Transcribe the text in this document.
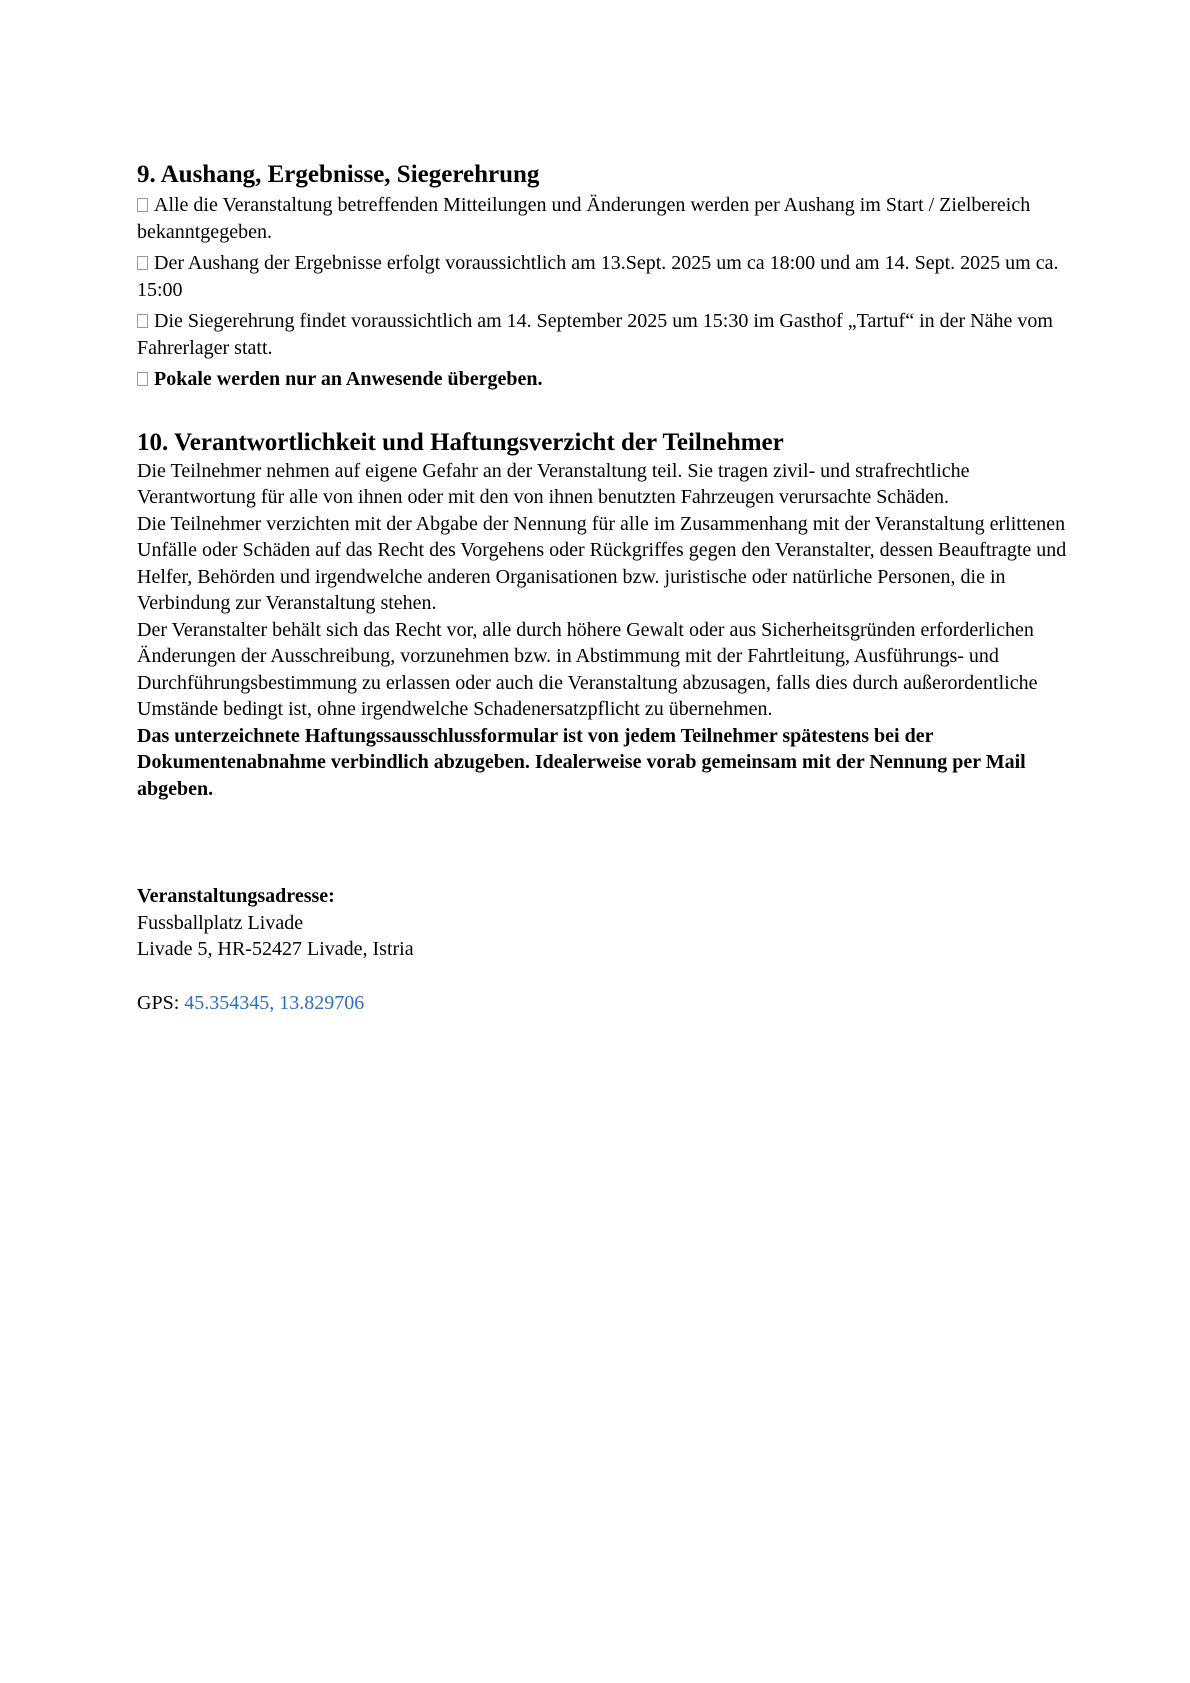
9. Aushang, Ergebnisse, Siegerehrung
Alle die Veranstaltung betreffenden Mitteilungen und Änderungen werden per Aushang im Start / Zielbereich bekanntgegeben.
Der Aushang der Ergebnisse erfolgt voraussichtlich am 13.Sept. 2025 um ca 18:00 und am 14. Sept. 2025 um ca. 15:00
Die Siegerehrung findet voraussichtlich am 14. September 2025 um 15:30 im Gasthof „Tartuf“ in der Nähe vom Fahrerlager statt.
Pokale werden nur an Anwesende übergeben.
10. Verantwortlichkeit und Haftungsverzicht der Teilnehmer

Die Teilnehmer nehmen auf eigene Gefahr an der Veranstaltung teil. Sie tragen zivil- und strafrechtliche Verantwortung für alle von ihnen oder mit den von ihnen benutzten Fahrzeugen verursachte Schäden.

Die Teilnehmer verzichten mit der Abgabe der Nennung für alle im Zusammenhang mit der Veranstaltung erlittenen Unfälle oder Schäden auf das Recht des Vorgehens oder Rückgriffes gegen den Veranstalter, dessen Beauftragte und Helfer, Behörden und irgendwelche anderen Organisationen bzw. juristische oder natürliche Personen, die in Verbindung zur Veranstaltung stehen.

Der Veranstalter behält sich das Recht vor, alle durch höhere Gewalt oder aus Sicherheitsgründen erforderlichen Änderungen der Ausschreibung, vorzunehmen bzw. in Abstimmung mit der Fahrtleitung, Ausführungs- und Durchführungsbestimmung zu erlassen oder auch die Veranstaltung abzusagen, falls dies durch außerordentliche Umstände bedingt ist, ohne irgendwelche Schadenersatzpflicht zu übernehmen.

Das unterzeichnete Haftungssausschlussformular ist von jedem Teilnehmer spätestens bei der Dokumentenabnahme verbindlich abzugeben. Idealerweise vorab gemeinsam mit der Nennung per Mail abgeben.

Veranstaltungsadresse:
Fussballplatz Livade
Livade 5, HR-52427 Livade, Istria
GPS: 45.354345, 13.829706
